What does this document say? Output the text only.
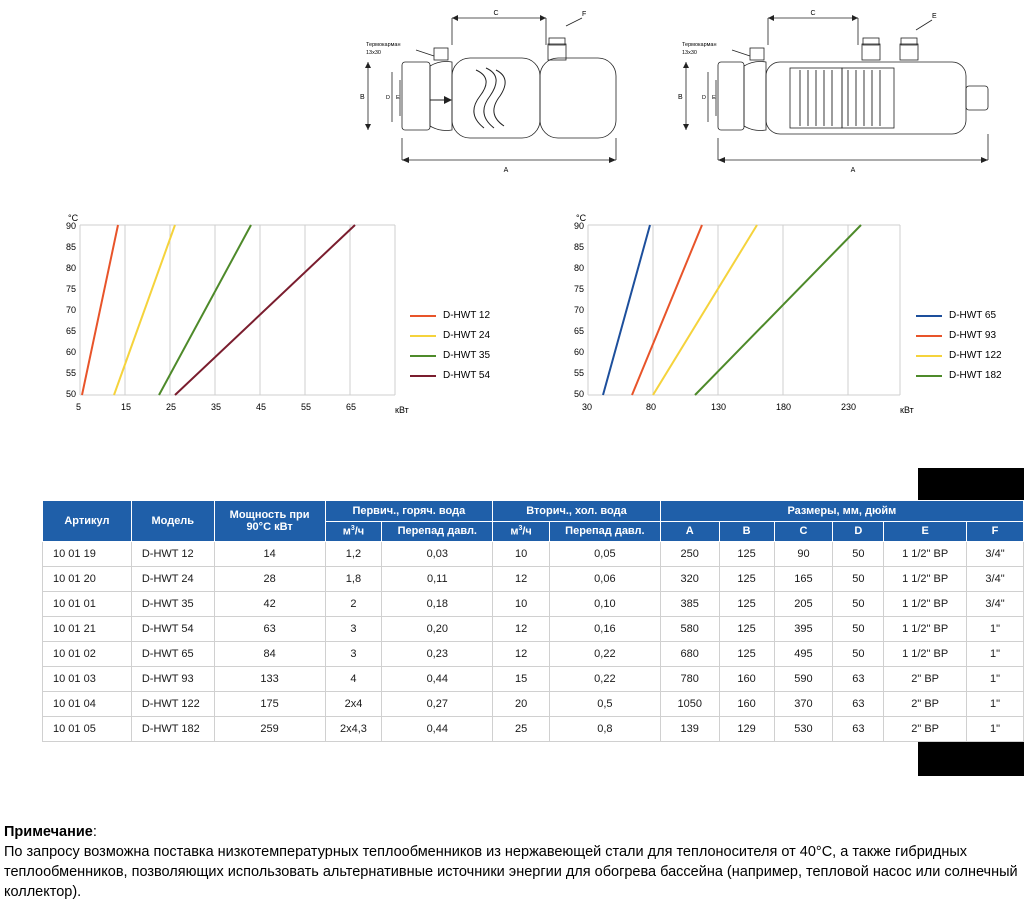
C	F
B	D E
A
Термокарман
13x30
C	E
B	D E
A
Термокарман
13x30
°C
кВт
90
85
80
75
70
65
60
55
50
5	15	25	35	45	55	65
D-HWT 12
D-HWT 24
D-HWT 35
D-HWT 54
°C
кВт
90
85
80
75
70
65
60
55
50
30	80	130	180	230
D-HWT 65
D-HWT 93
D-HWT 122
D-HWT 182
Артикул	Модель	Мощность при 90°C кВт	Первич., горяч. вода		Вторич., хол. вода		Размеры, мм, дюйм					
			$м^3/ч$	Перепад давл.	$м^3/ч$	Перепад давл.	A	B	C	D	E	F
10 01 19	D-HWT 12	14	1,2	0,03	10	0,05	250	125	90	50	1 1/2" ВР	3/4"
10 01 20	D-HWT 24	28	1,8	0,11	12	0,06	320	125	165	50	1 1/2" ВР	3/4"
10 01 01	D-HWT 35	42	2	0,18	10	0,10	385	125	205	50	1 1/2" ВР	3/4"
10 01 21	D-HWT 54	63	3	0,20	12	0,16	580	125	395	50	1 1/2" ВР	1"
10 01 02	D-HWT 65	84	3	0,23	12	0,22	680	125	495	50	1 1/2" ВР	1"
10 01 03	D-HWT 93	133	4	0,44	15	0,22	780	160	590	63	2" ВР	1"
10 01 04	D-HWT 122	175	2x4	0,27	20	0,5	1050	160	370	63	2" ВР	1"
10 01 05	D-HWT 182	259	2x4,3	0,44	25	0,8	139	129	530	63	2" ВР	1"
Примечание:
По запросу возможна поставка низкотемпературных теплообменников из нержавеющей стали для теплоносителя от 40°C, а также гибридных теплообменников, позволяющих использовать альтернативные источники энергии для обогрева бассейна (например, тепловой насос или солнечный коллектор).
